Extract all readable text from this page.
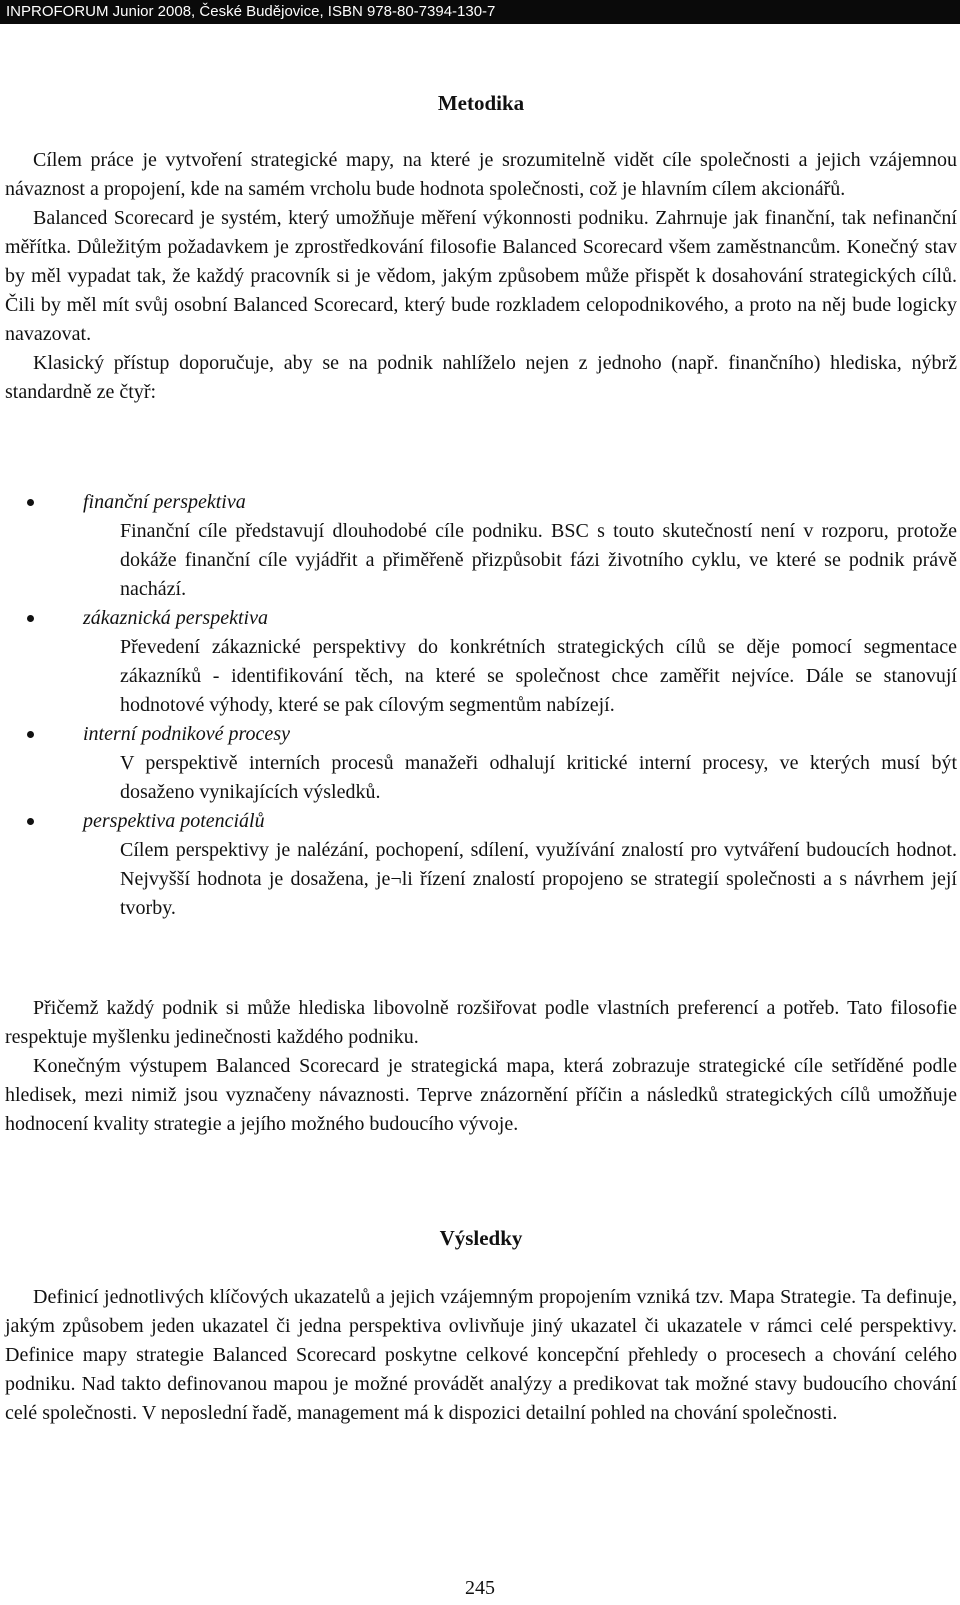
INPROFORUM Junior 2008, České Budějovice, ISBN 978-80-7394-130-7
Metodika

Cílem práce je vytvoření strategické mapy, na které je srozumitelně vidět cíle společnosti a jejich vzájemnou návaznost a propojení, kde na samém vrcholu bude hodnota společnosti, což je hlavním cílem akcionářů.

Balanced Scorecard je systém, který umožňuje měření výkonnosti podniku. Zahrnuje jak finanční, tak nefinanční měřítka. Důležitým požadavkem je zprostředkování filosofie Balanced Scorecard všem zaměstnancům. Konečný stav by měl vypadat tak, že každý pracovník si je vědom, jakým způsobem může přispět k dosahování strategických cílů. Čili by měl mít svůj osobní Balanced Scorecard, který bude rozkladem celopodnikového, a proto na něj bude logicky navazovat.

Klasický přístup doporučuje, aby se na podnik nahlíželo nejen z jednoho (např. finančního) hlediska, nýbrž standardně ze čtyř:

finanční perspektiva
Finanční cíle představují dlouhodobé cíle podniku. BSC s touto skutečností není v rozporu, protože dokáže finanční cíle vyjádřit a přiměřeně přizpůsobit fázi životního cyklu, ve které se podnik právě nachází.
zákaznická perspektiva
Převedení zákaznické perspektivy do konkrétních strategických cílů se děje pomocí segmentace zákazníků - identifikování těch, na které se společnost chce zaměřit nejvíce. Dále se stanovují hodnotové výhody, které se pak cílovým segmentům nabízejí.
interní podnikové procesy
V perspektivě interních procesů manažeři odhalují kritické interní procesy, ve kterých musí být dosaženo vynikajících výsledků.
perspektiva potenciálů
Cílem perspektivy je nalézání, pochopení, sdílení, využívání znalostí pro vytváření budoucích hodnot. Nejvyšší hodnota je dosažena, je¬li řízení znalostí propojeno se strategií společnosti a s návrhem její tvorby.

Přičemž každý podnik si může hlediska libovolně rozšiřovat podle vlastních preferencí a potřeb. Tato filosofie respektuje myšlenku jedinečnosti každého podniku.

Konečným výstupem Balanced Scorecard je strategická mapa, která zobrazuje strategické cíle setříděné podle hledisek, mezi nimiž jsou vyznačeny návaznosti. Teprve znázornění příčin a následků strategických cílů umožňuje hodnocení kvality strategie a jejího možného budoucího vývoje.

Výsledky

Definicí jednotlivých klíčových ukazatelů a jejich vzájemným propojením vzniká tzv. Mapa Strategie. Ta definuje, jakým způsobem jeden ukazatel či jedna perspektiva ovlivňuje jiný ukazatel či ukazatele v rámci celé perspektivy. Definice mapy strategie Balanced Scorecard poskytne celkové koncepční přehledy o procesech a chování celého podniku. Nad takto definovanou mapou je možné provádět analýzy a predikovat tak možné stavy budoucího chování celé společnosti. V neposlední řadě, management má k dispozici detailní pohled na chování společnosti.

245
